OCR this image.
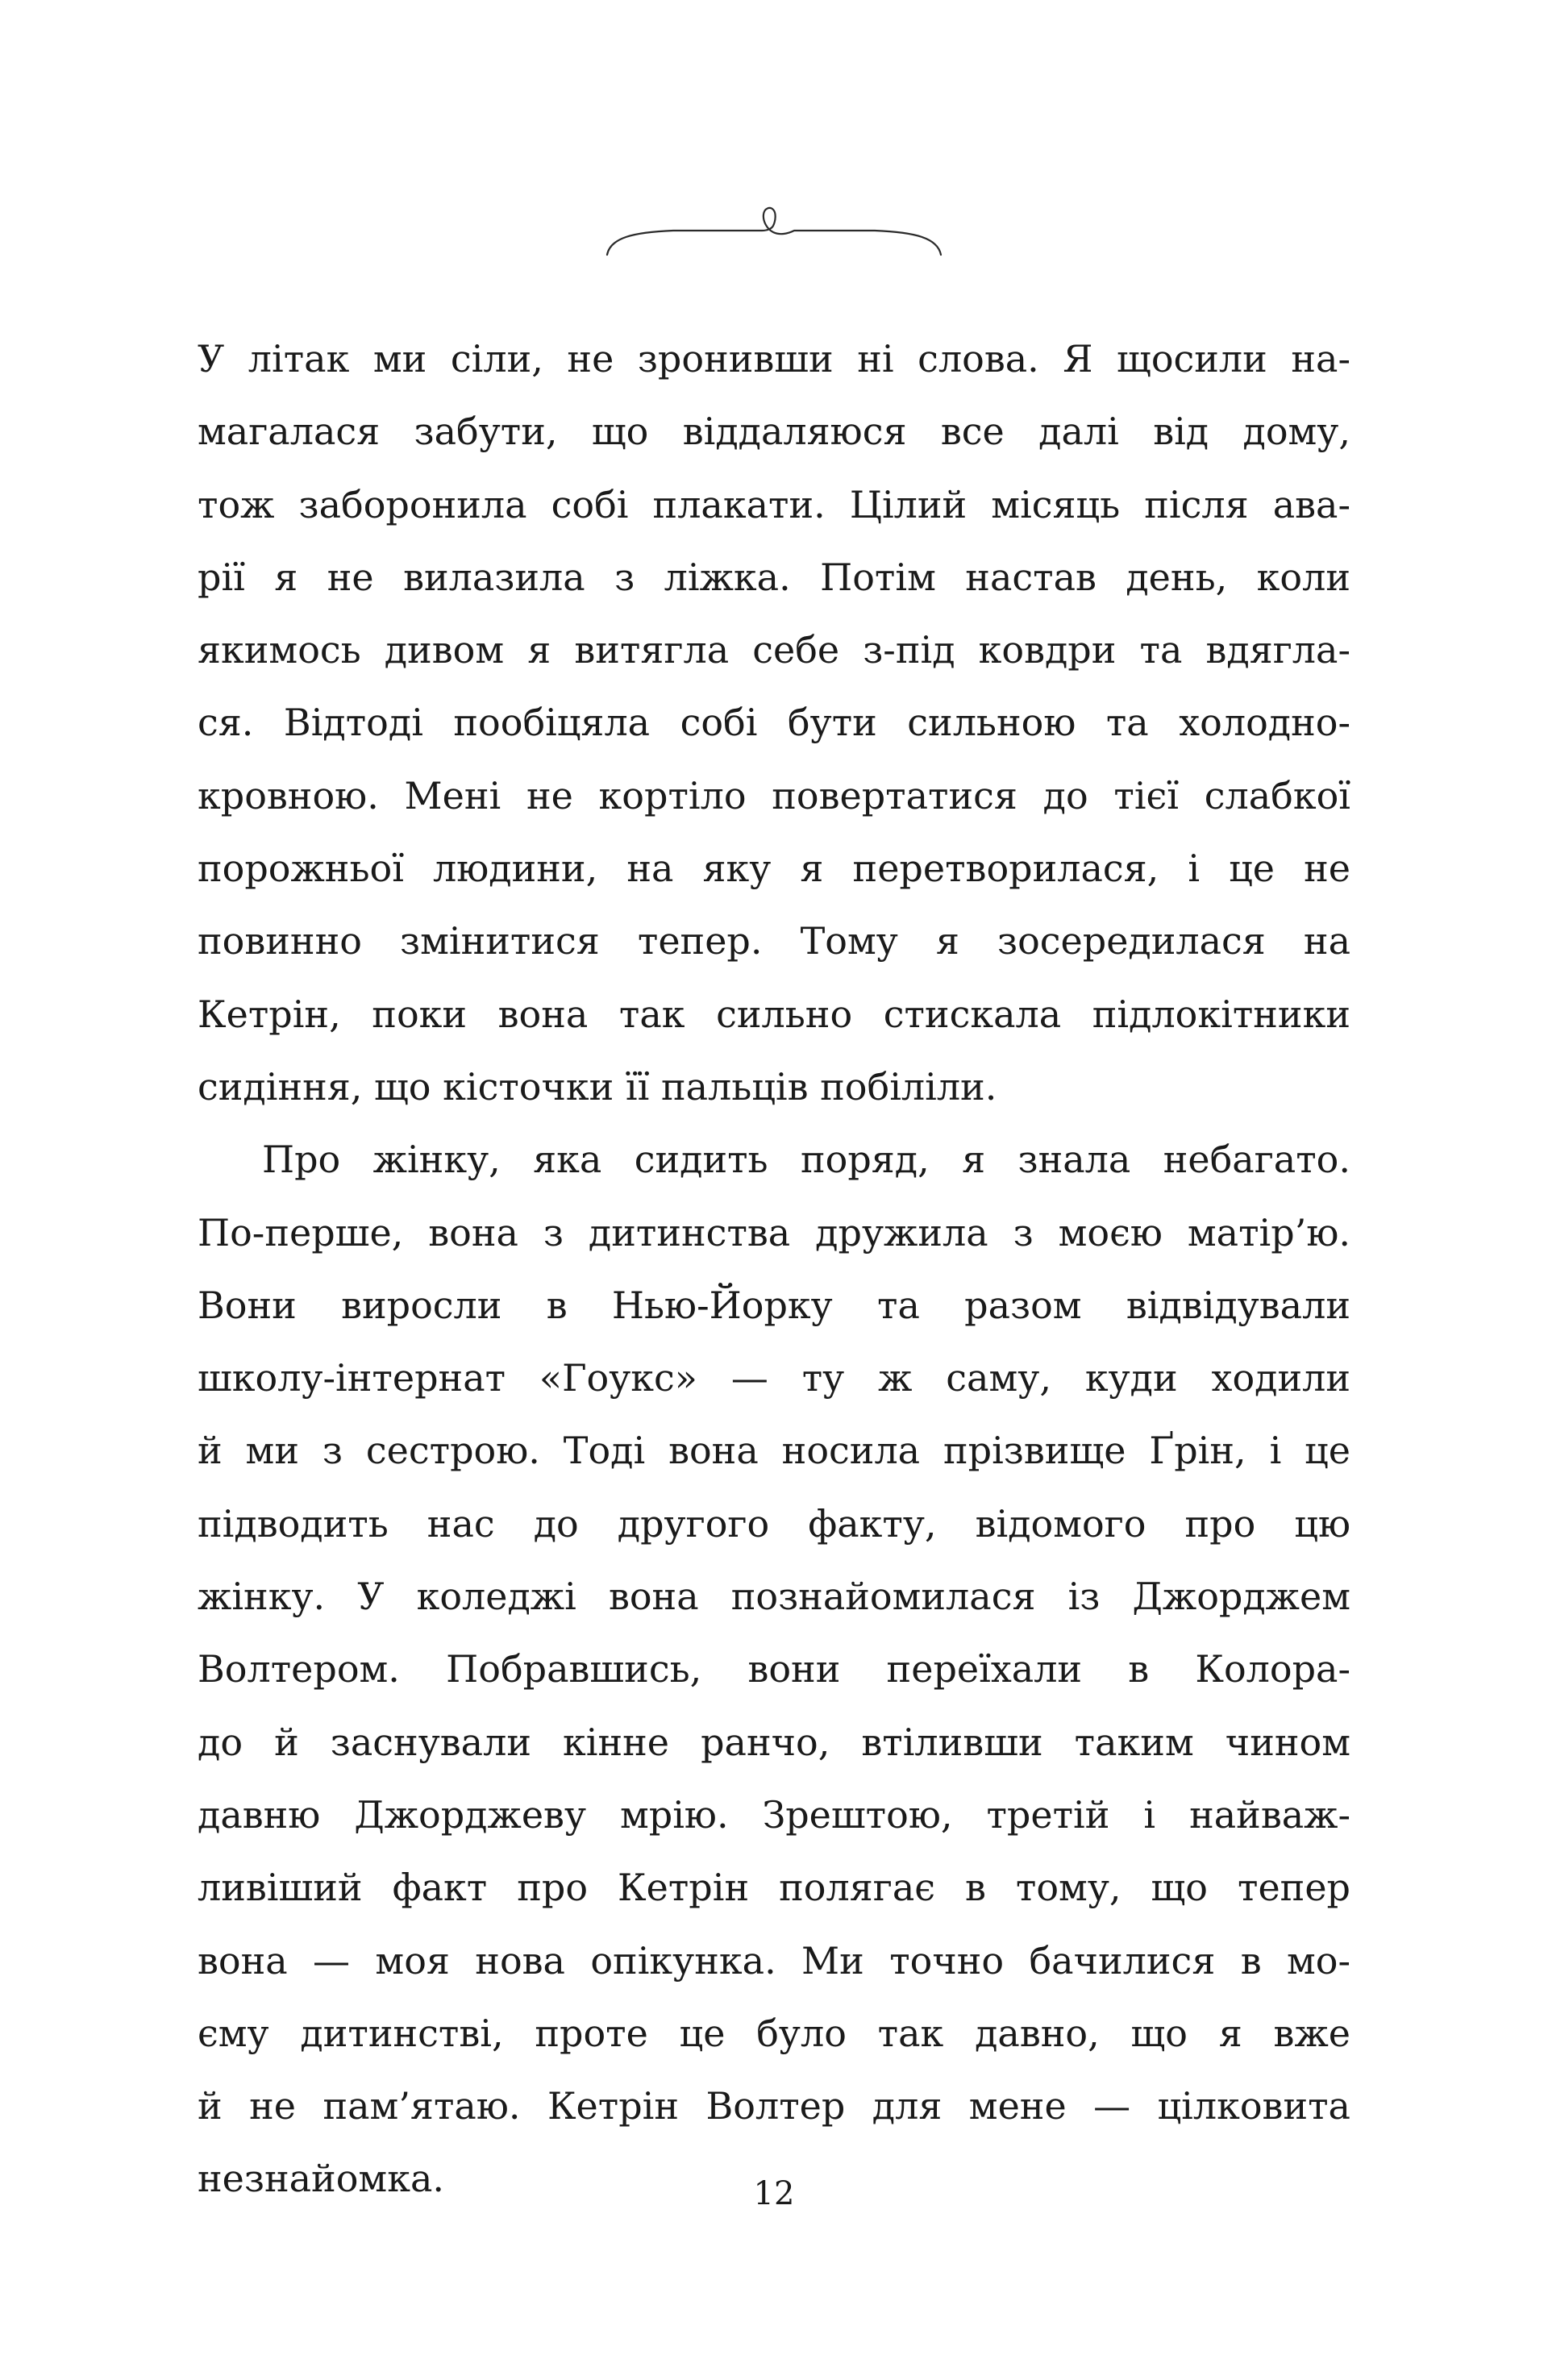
У літак ми сіли, не зронивши ні слова. Я щосили на-
магалася забути, що віддаляюся все далі від дому,
тож заборонила собі плакати. Цілий місяць після ава-
рії я не вилазила з ліжка. Потім настав день, коли
якимось дивом я витягла себе з-під ковдри та вдягла-
ся. Відтоді пообіцяла собі бути сильною та холодно-
кровною. Мені не кортіло повертатися до тієї слабкої
порожньої людини, на яку я перетворилася, і це не
повинно змінитися тепер. Тому я зосередилася на
Кетрін, поки вона так сильно стискала підлокітники
сидіння, що кісточки її пальців побіліли.
Про жінку, яка сидить поряд, я знала небагато.
По-перше, вона з дитинства дружила з моєю матір’ю.
Вони виросли в Нью-Йорку та разом відвідували
школу-інтернат «Гоукс» — ту ж саму, куди ходили
й ми з сестрою. Тоді вона носила прізвище Ґрін, і це
підводить нас до другого факту, відомого про цю
жінку. У коледжі вона познайомилася із Джорджем
Волтером. Побравшись, вони переїхали в Колора-
до й заснували кінне ранчо, втіливши таким чином
давню Джорджеву мрію. Зрештою, третій і найваж-
ливіший факт про Кетрін полягає в тому, що тепер
вона — моя нова опікунка. Ми точно бачилися в мо-
єму дитинстві, проте це було так давно, що я вже
й не пам’ятаю. Кетрін Волтер для мене — цілковита
незнайомка.	12
